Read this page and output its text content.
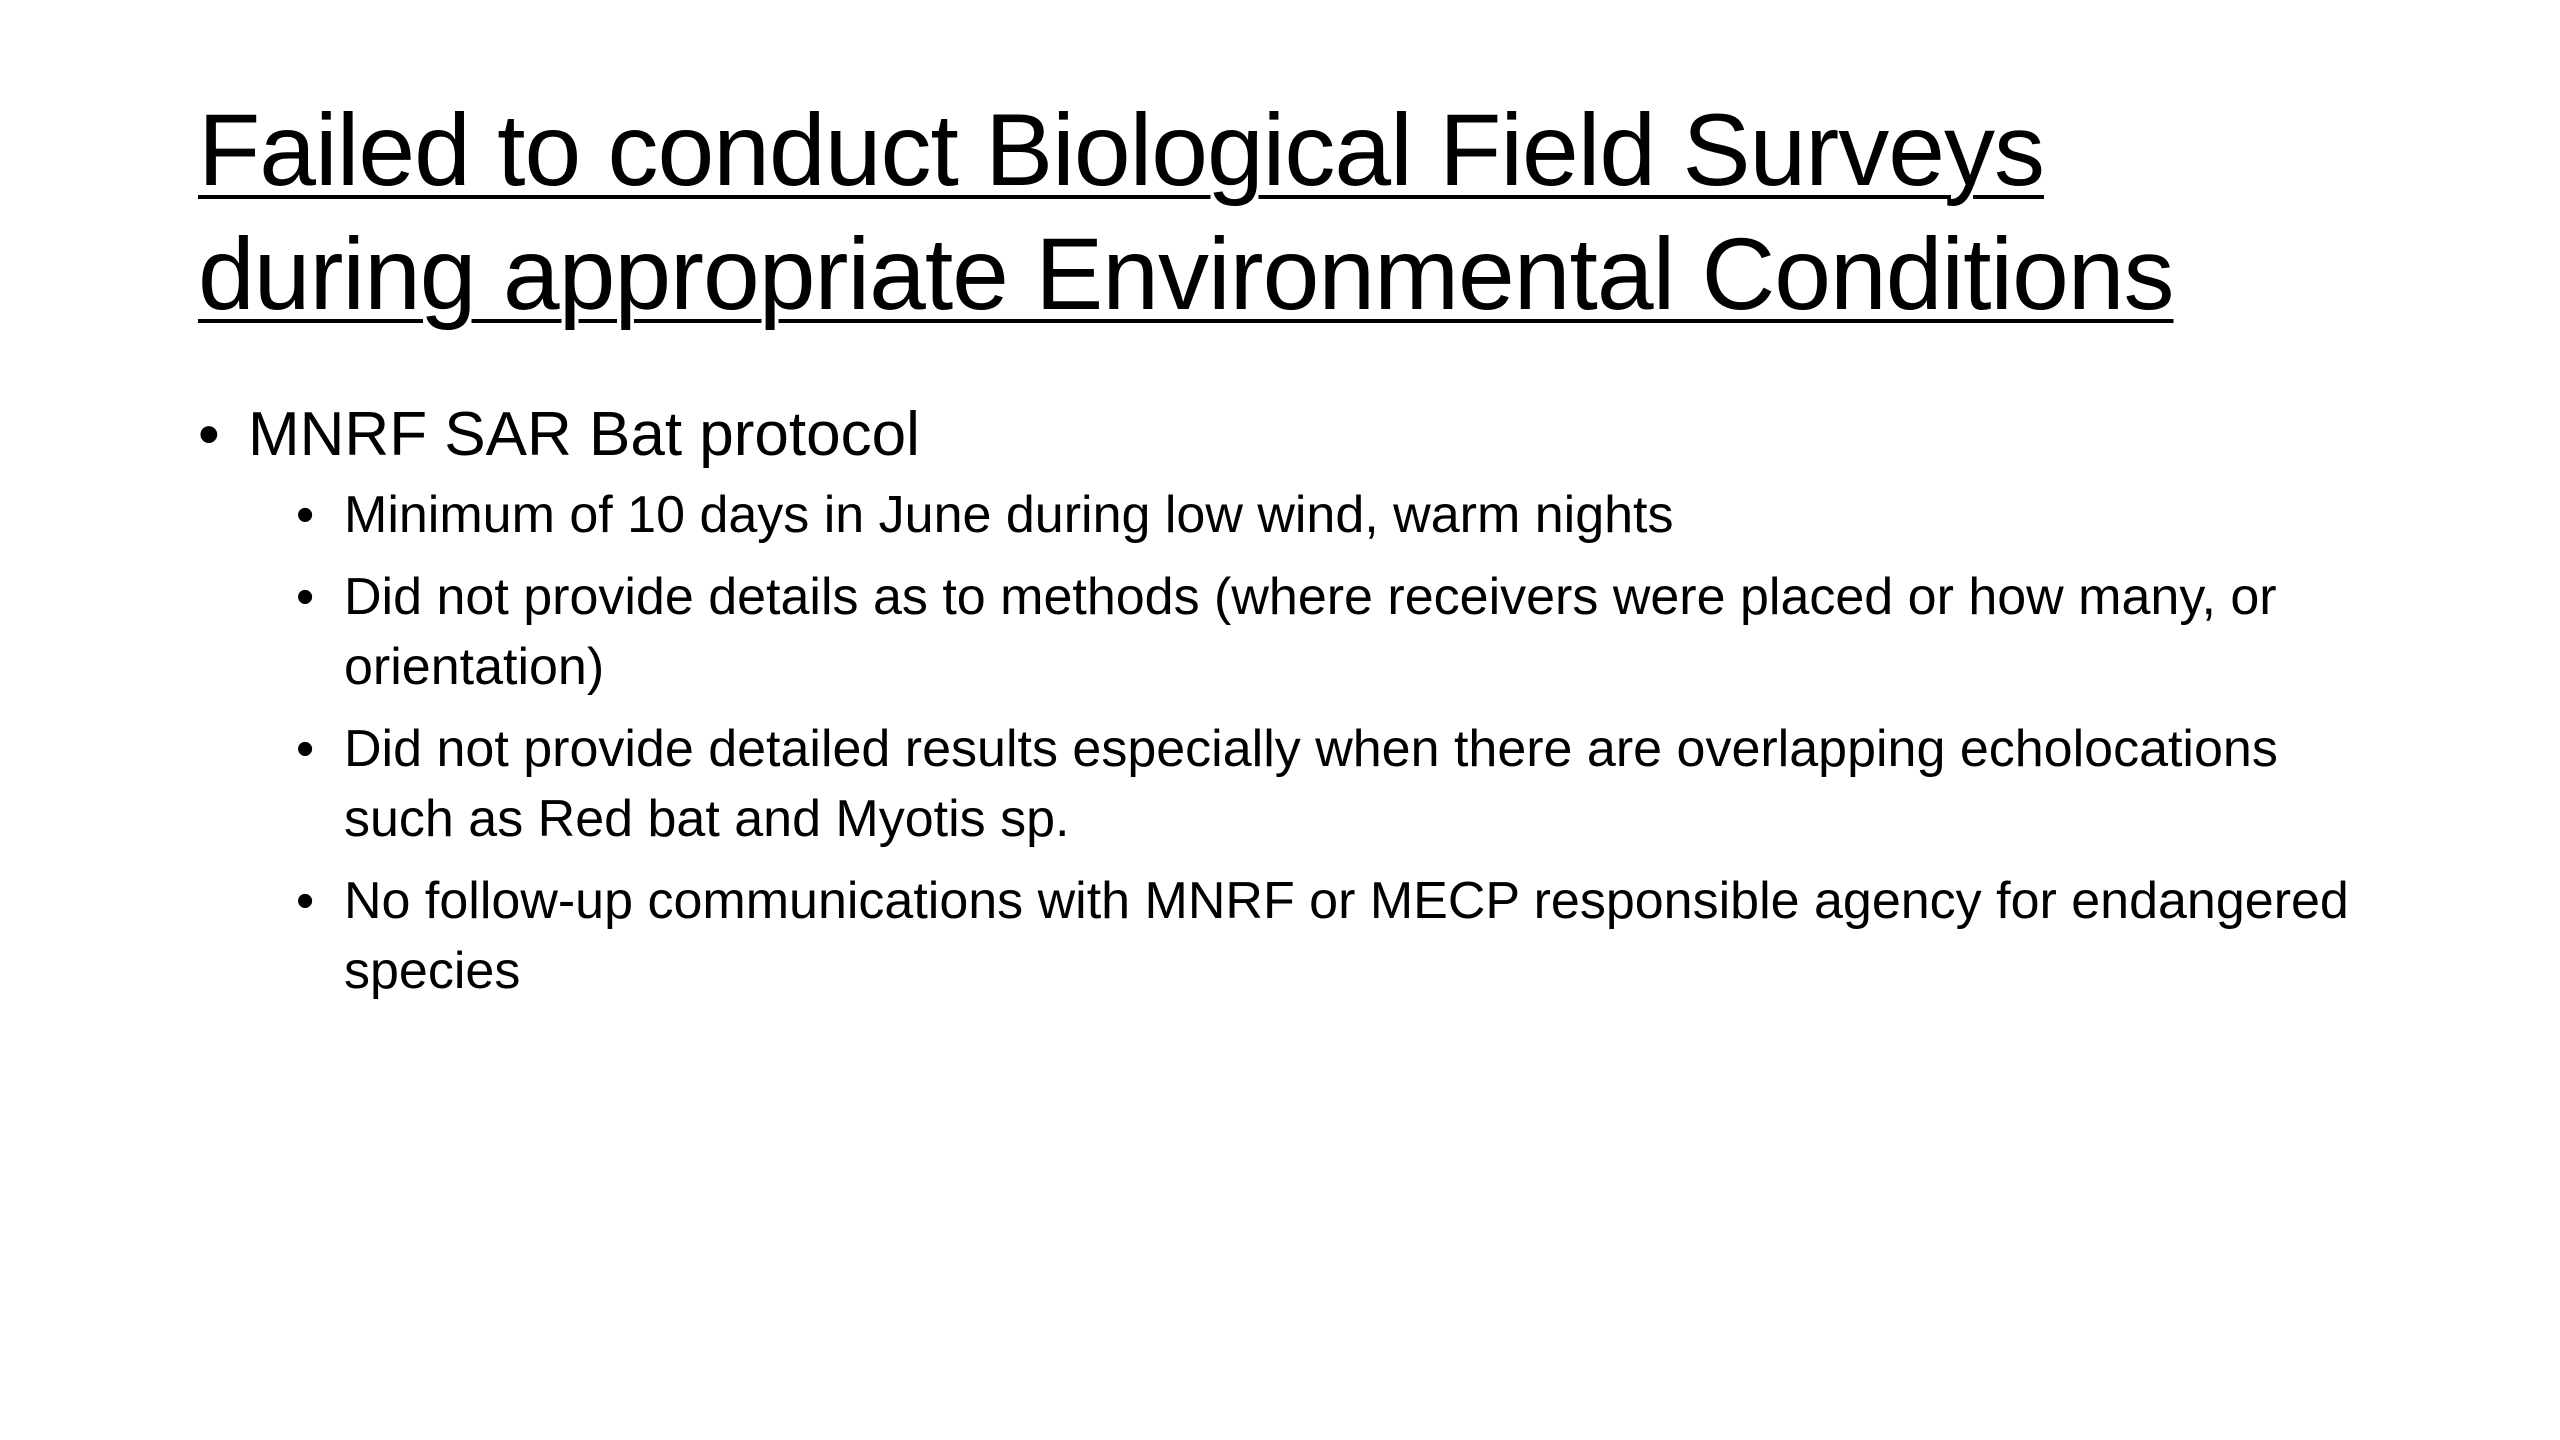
Failed to conduct Biological Field Surveys
during appropriate Environmental Conditions
• MNRF SAR Bat protocol
• Minimum of 10 days in June during low wind, warm nights
• Did not provide details as to methods (where receivers were placed or how many, or orientation)
• Did not provide detailed results especially when there are overlapping echolocations such as Red bat and Myotis sp.
• No follow-up communications with MNRF or MECP responsible agency for endangered species
